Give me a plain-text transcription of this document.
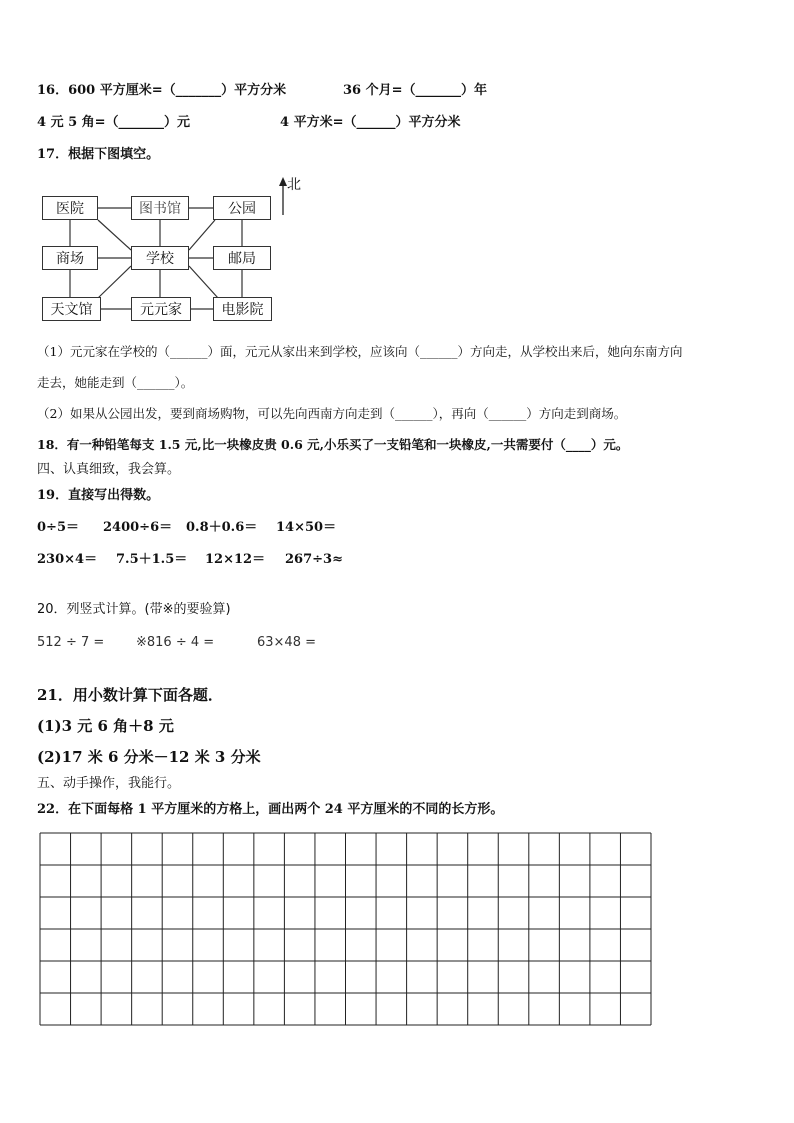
16．600 平方厘米=（_______）平方分米	36 个月=（_______）年
4 元 5 角=（_______）元	4 平方米=（______）平方分米
17．根据下图填空。
医院	图书馆	公园
商场	学校	邮局
天文馆	元元家	电影院
北
（1）元元家在学校的（______）面，元元从家出来到学校，应该向（______）方向走，从学校出来后，她向东南方向
走去，她能走到（______）。
（2）如果从公园出发，要到商场购物，可以先向西南方向走到（______），再向（______）方向走到商场。
18．有一种铅笔每支 1.5 元,比一块橡皮贵 0.6 元,小乐买了一支铅笔和一块橡皮,一共需要付（____）元。
四、认真细致，我会算。
19．直接写出得数。
0÷5＝ 2400÷6＝ 0.8＋0.6＝ 14×50＝
230×4＝ 7.5＋1.5＝ 12×12＝ 267÷3≈
20．列竖式计算。(带※的要验算)
512 ÷ 7 = ※816 ÷ 4 =	63×48 =
21．用小数计算下面各题．
(1)3 元 6 角＋8 元
(2)17 米 6 分米－12 米 3 分米
五、动手操作，我能行。
22．在下面每格 1 平方厘米的方格上，画出两个 24 平方厘米的不同的长方形。
